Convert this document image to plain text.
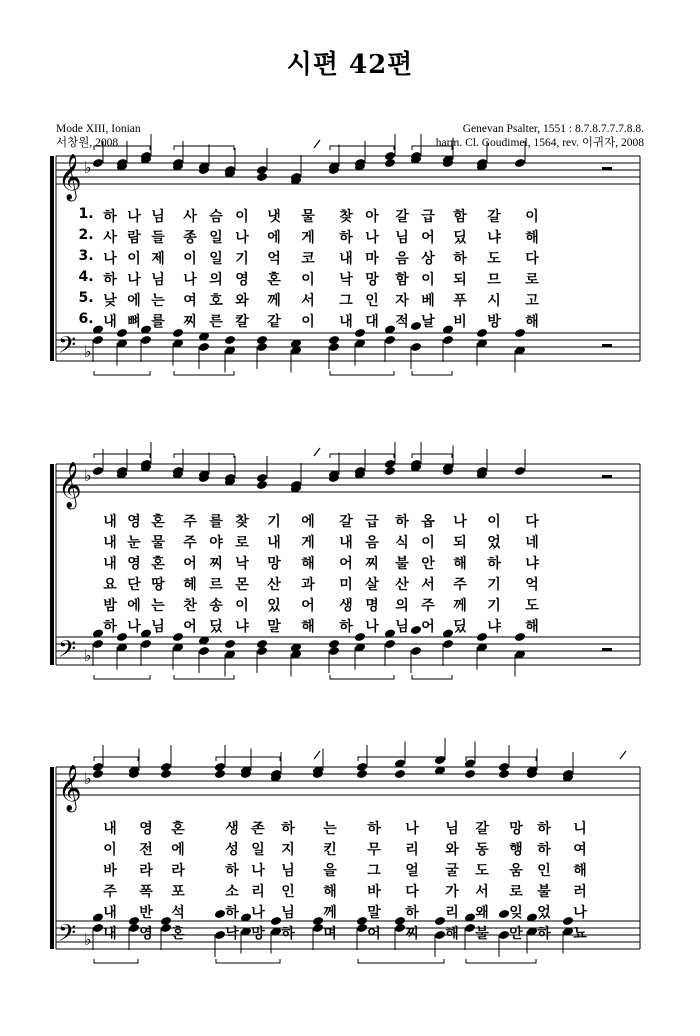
시편 42편
Mode XIII, Ionian
서창원, 2008
Genevan Psalter, 1551 : 8.7.8.7.7.7.8.8.
harm. Cl. Goudimel, 1564, rev. 이귀자, 2008
𝄞
𝄢
♭
♭
𝄞
𝄢
♭
♭
𝄞
𝄢
♭
♭
1. 하 나 님	사 슴 이	냇	물	찾 아	갈 급	함	갈	이
2. 사 람 들	종 일 나	에	게	하 나	님 어	딨	냐	해
3. 나 이 제	이 일 기	억	코	내 마	음 상	하	도	다
4. 하 나 님	나 의 영	혼	이	낙 망	함 이	되	므	로
5. 낮 에 는	여 호 와	께	서	그 인	자 베	푸	시	고
6. 내 뼈 를	찌 른 칼	같	이	내 대	적 날	비	방	해
내 영 혼	주 를 찾	기	에	갈 급	하 옵	나	이	다
내 눈 물	주 야 로	내	게	내 음	식 이	되	었	네
내 영 혼	어 찌 낙	망	해	어 찌	불 안	해	하	냐
요 단 땅	헤 르 몬	산	과	미 살	산 서	주	기	억
밤 에 는	찬 송 이	있	어	생 명	의 주	께	기	도
하 나 님	어 딨 냐	말	해	하 나	님 어	딨	냐	해
내	영	혼	생 존	하	는	하	나	님	갈	망	하	니
이	전	에	성 일	지	킨	무	리	와	동	행	하	여
바	라	라	하 나	님	을	그	얼	굴	도	움	인	해
주	폭	포	소 리	인	해	바	다	가	서	로	불	러
내	반	석	하 나	님	께	말	하	리	왜	잊	었	나
내	영	혼	낙 망	하	며	어	찌	해	불	안	하	뇨
